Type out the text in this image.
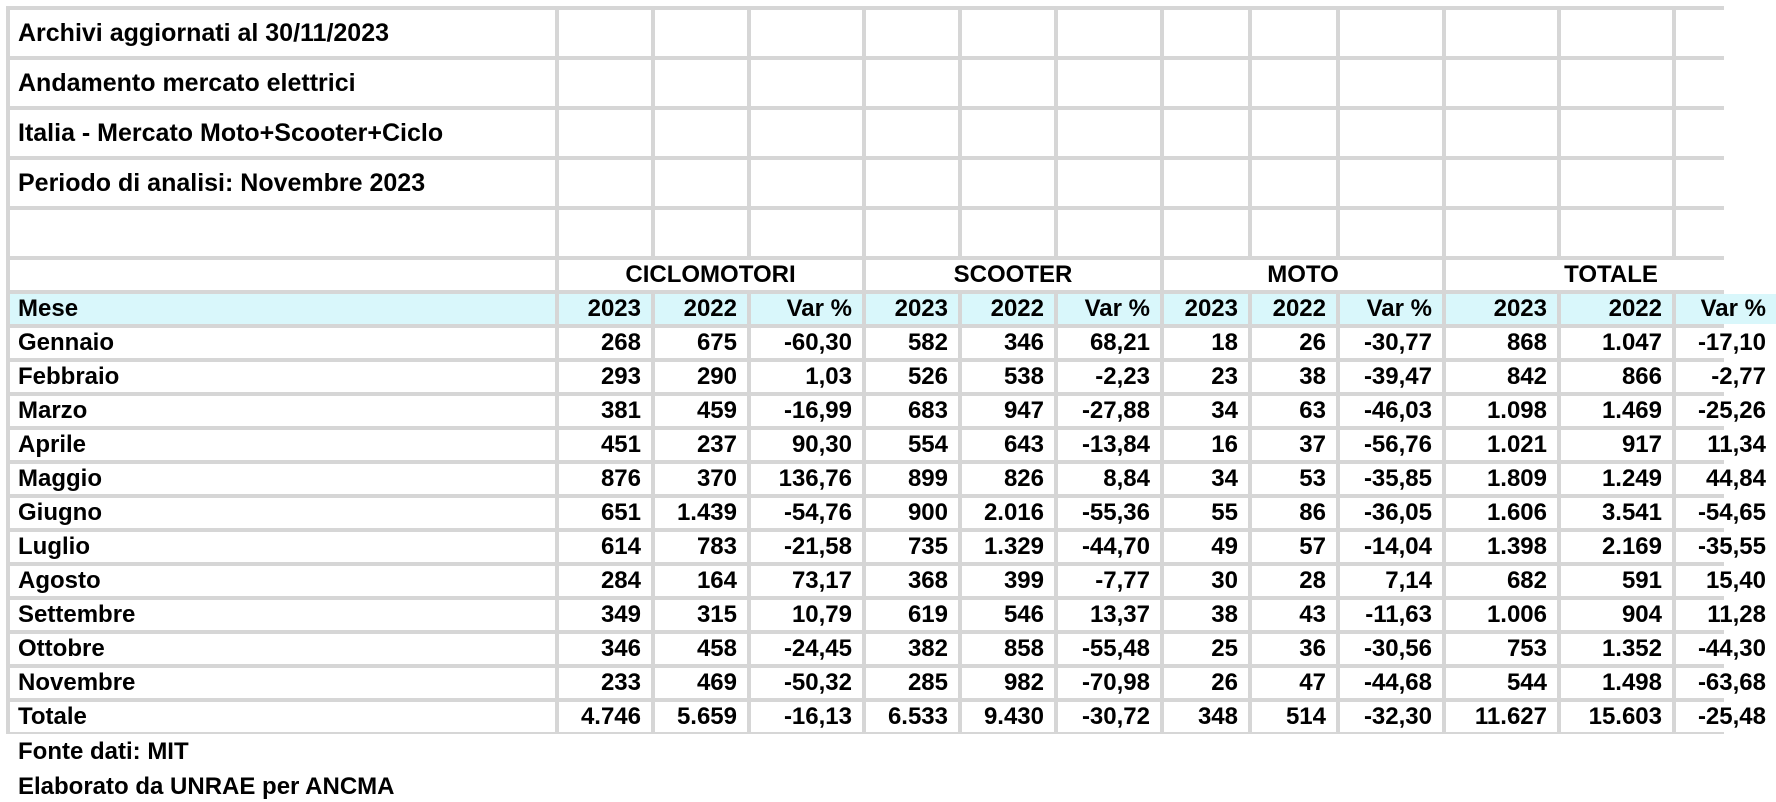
Archivi aggiornati al 30/11/2023
Andamento mercato elettrici
Italia - Mercato Moto+Scooter+Ciclo
Periodo di analisi: Novembre 2023
CICLOMOTORI	SCOOTER	MOTO	TOTALE
Mese	2023	2022	Var %	2023	2022	Var %	2023	2022	Var %	2023	2022	Var %
Gennaio	268	675	-60,30	582	346	68,21	18	26	-30,77	868	1.047	-17,10
Febbraio	293	290	1,03	526	538	-2,23	23	38	-39,47	842	866	-2,77
Marzo	381	459	-16,99	683	947	-27,88	34	63	-46,03	1.098	1.469	-25,26
Aprile	451	237	90,30	554	643	-13,84	16	37	-56,76	1.021	917	11,34
Maggio	876	370	136,76	899	826	8,84	34	53	-35,85	1.809	1.249	44,84
Giugno	651	1.439	-54,76	900	2.016	-55,36	55	86	-36,05	1.606	3.541	-54,65
Luglio	614	783	-21,58	735	1.329	-44,70	49	57	-14,04	1.398	2.169	-35,55
Agosto	284	164	73,17	368	399	-7,77	30	28	7,14	682	591	15,40
Settembre	349	315	10,79	619	546	13,37	38	43	-11,63	1.006	904	11,28
Ottobre	346	458	-24,45	382	858	-55,48	25	36	-30,56	753	1.352	-44,30
Novembre	233	469	-50,32	285	982	-70,98	26	47	-44,68	544	1.498	-63,68
Totale	4.746	5.659	-16,13	6.533	9.430	-30,72	348	514	-32,30	11.627	15.603	-25,48
Fonte dati: MIT
Elaborato da UNRAE per ANCMA
